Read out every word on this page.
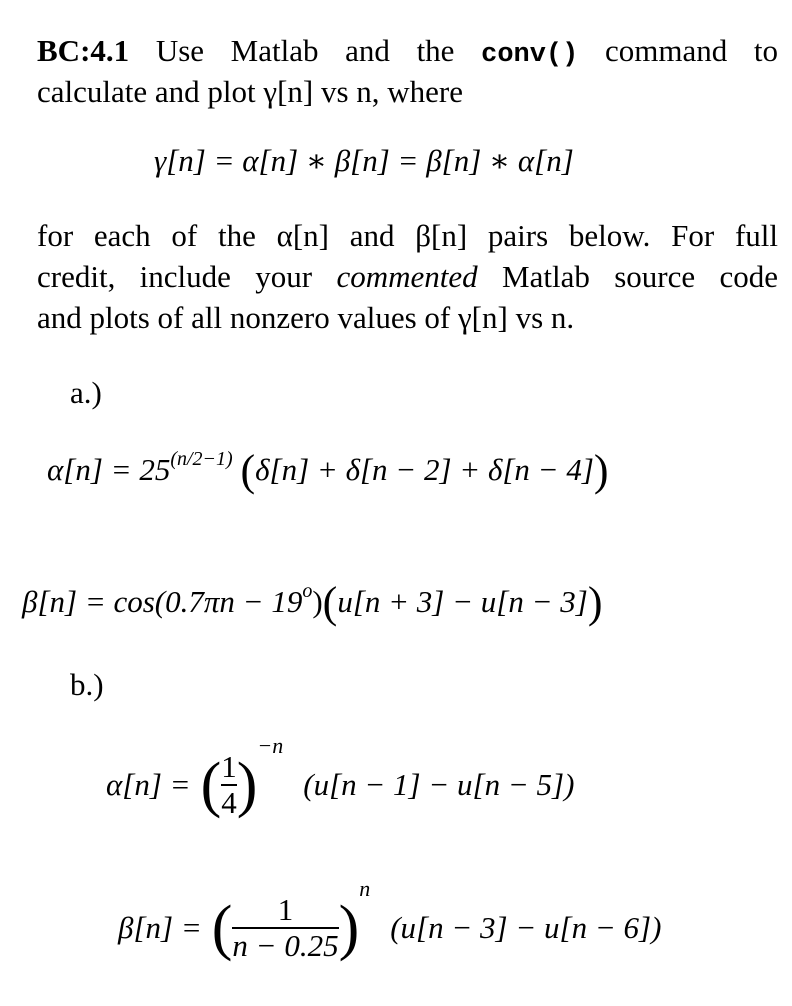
BC:4.1 Use Matlab and the conv() command to
calculate and plot γ[n] vs n, where
γ[n] = α[n] ∗ β[n] = β[n] ∗ α[n]
for each of the α[n] and β[n] pairs below. For full
credit, include your commented Matlab source code
and plots of all nonzero values of γ[n] vs n.
a.)
$\alpha[n] = 25^{(n/2-1)}$ (δ[n] + δ[n − 2] + δ[n − 4])
$\beta[n] = \cos(0.7\pi n - 19^o)(u[n + 3] - u[n - 3])$
b.)
α[n] = ( $\frac{1}{4}$ )
−n
(u[n − 1] − u[n − 5])
β[n] = ( $\frac{1}{n - 0.25}$ )
n
(u[n − 3] − u[n − 6])
